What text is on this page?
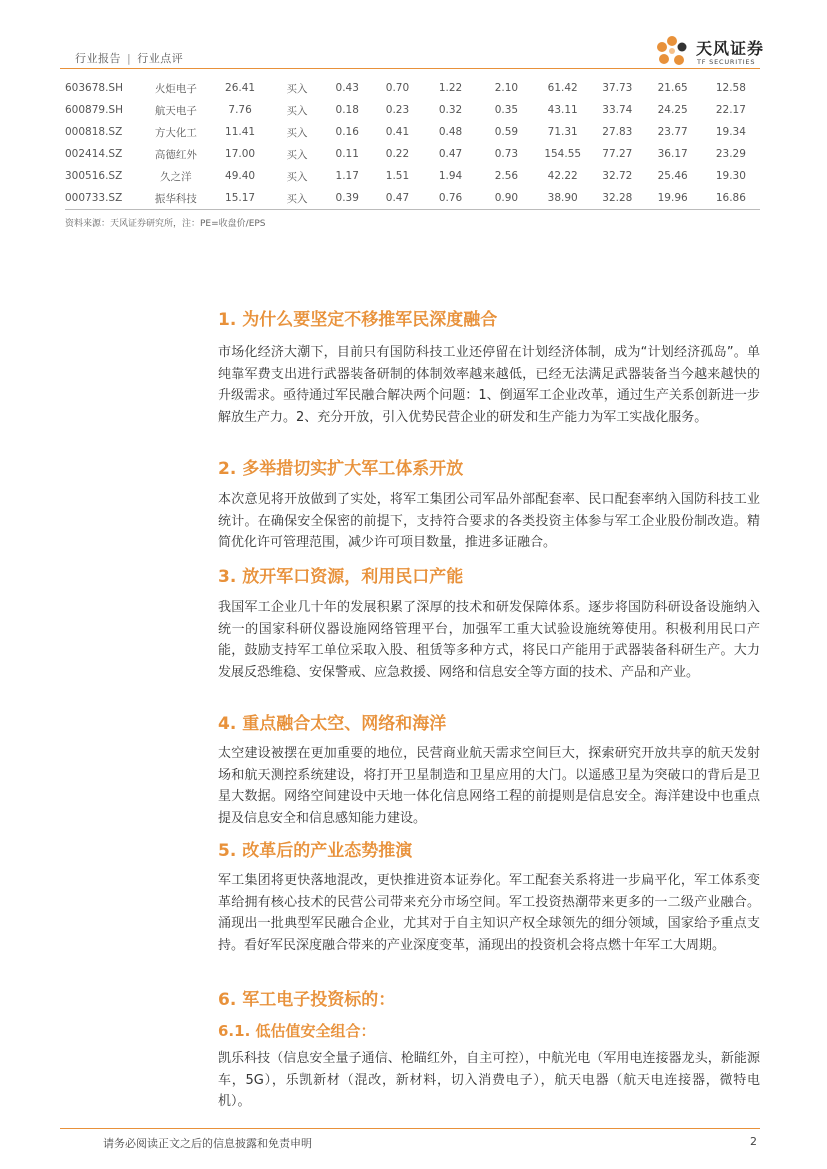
行业报告 | 行业点评
天风证券
TF SECURITIES
603678.SH	火炬电子	26.41	买入	0.43	0.70	1.22	2.10	61.42	37.73	21.65	12.58
600879.SH	航天电子	7.76	买入	0.18	0.23	0.32	0.35	43.11	33.74	24.25	22.17
000818.SZ	方大化工	11.41	买入	0.16	0.41	0.48	0.59	71.31	27.83	23.77	19.34
002414.SZ	高德红外	17.00	买入	0.11	0.22	0.47	0.73	154.55	77.27	36.17	23.29
300516.SZ	久之洋	49.40	买入	1.17	1.51	1.94	2.56	42.22	32.72	25.46	19.30
000733.SZ	振华科技	15.17	买入	0.39	0.47	0.76	0.90	38.90	32.28	19.96	16.86
资料来源：天风证券研究所，注：PE=收盘价/EPS
1. 为什么要坚定不移推军民深度融合

市场化经济大潮下，目前只有国防科技工业还停留在计划经济体制，成为“计划经济孤岛”。单纯靠军费支出进行武器装备研制的体制效率越来越低，已经无法满足武器装备当今越来越快的升级需求。亟待通过军民融合解决两个问题：1、倒逼军工企业改革，通过生产关系创新进一步解放生产力。2、充分开放，引入优势民营企业的研发和生产能力为军工实战化服务。

2. 多举措切实扩大军工体系开放

本次意见将开放做到了实处，将军工集团公司军品外部配套率、民口配套率纳入国防科技工业统计。在确保安全保密的前提下，支持符合要求的各类投资主体参与军工企业股份制改造。精简优化许可管理范围，减少许可项目数量，推进多证融合。

3. 放开军口资源，利用民口产能

我国军工企业几十年的发展积累了深厚的技术和研发保障体系。逐步将国防科研设备设施纳入统一的国家科研仪器设施网络管理平台，加强军工重大试验设施统筹使用。积极利用民口产能，鼓励支持军工单位采取入股、租赁等多种方式，将民口产能用于武器装备科研生产。大力发展反恐维稳、安保警戒、应急救援、网络和信息安全等方面的技术、产品和产业。

4. 重点融合太空、网络和海洋

太空建设被摆在更加重要的地位，民营商业航天需求空间巨大，探索研究开放共享的航天发射场和航天测控系统建设，将打开卫星制造和卫星应用的大门。以遥感卫星为突破口的背后是卫星大数据。网络空间建设中天地一体化信息网络工程的前提则是信息安全。海洋建设中也重点提及信息安全和信息感知能力建设。

5. 改革后的产业态势推演

军工集团将更快落地混改，更快推进资本证券化。军工配套关系将进一步扁平化，军工体系变革给拥有核心技术的民营公司带来充分市场空间。军工投资热潮带来更多的一二级产业融合。涌现出一批典型军民融合企业，尤其对于自主知识产权全球领先的细分领域，国家给予重点支持。看好军民深度融合带来的产业深度变革，涌现出的投资机会将点燃十年军工大周期。

6. 军工电子投资标的：
6.1. 低估值安全组合：

凯乐科技（信息安全量子通信、枪瞄红外，自主可控），中航光电（军用电连接器龙头，新能源车，5G），乐凯新材（混改，新材料，切入消费电子），航天电器（航天电连接器，微特电机）。

请务必阅读正文之后的信息披露和免责申明	2
